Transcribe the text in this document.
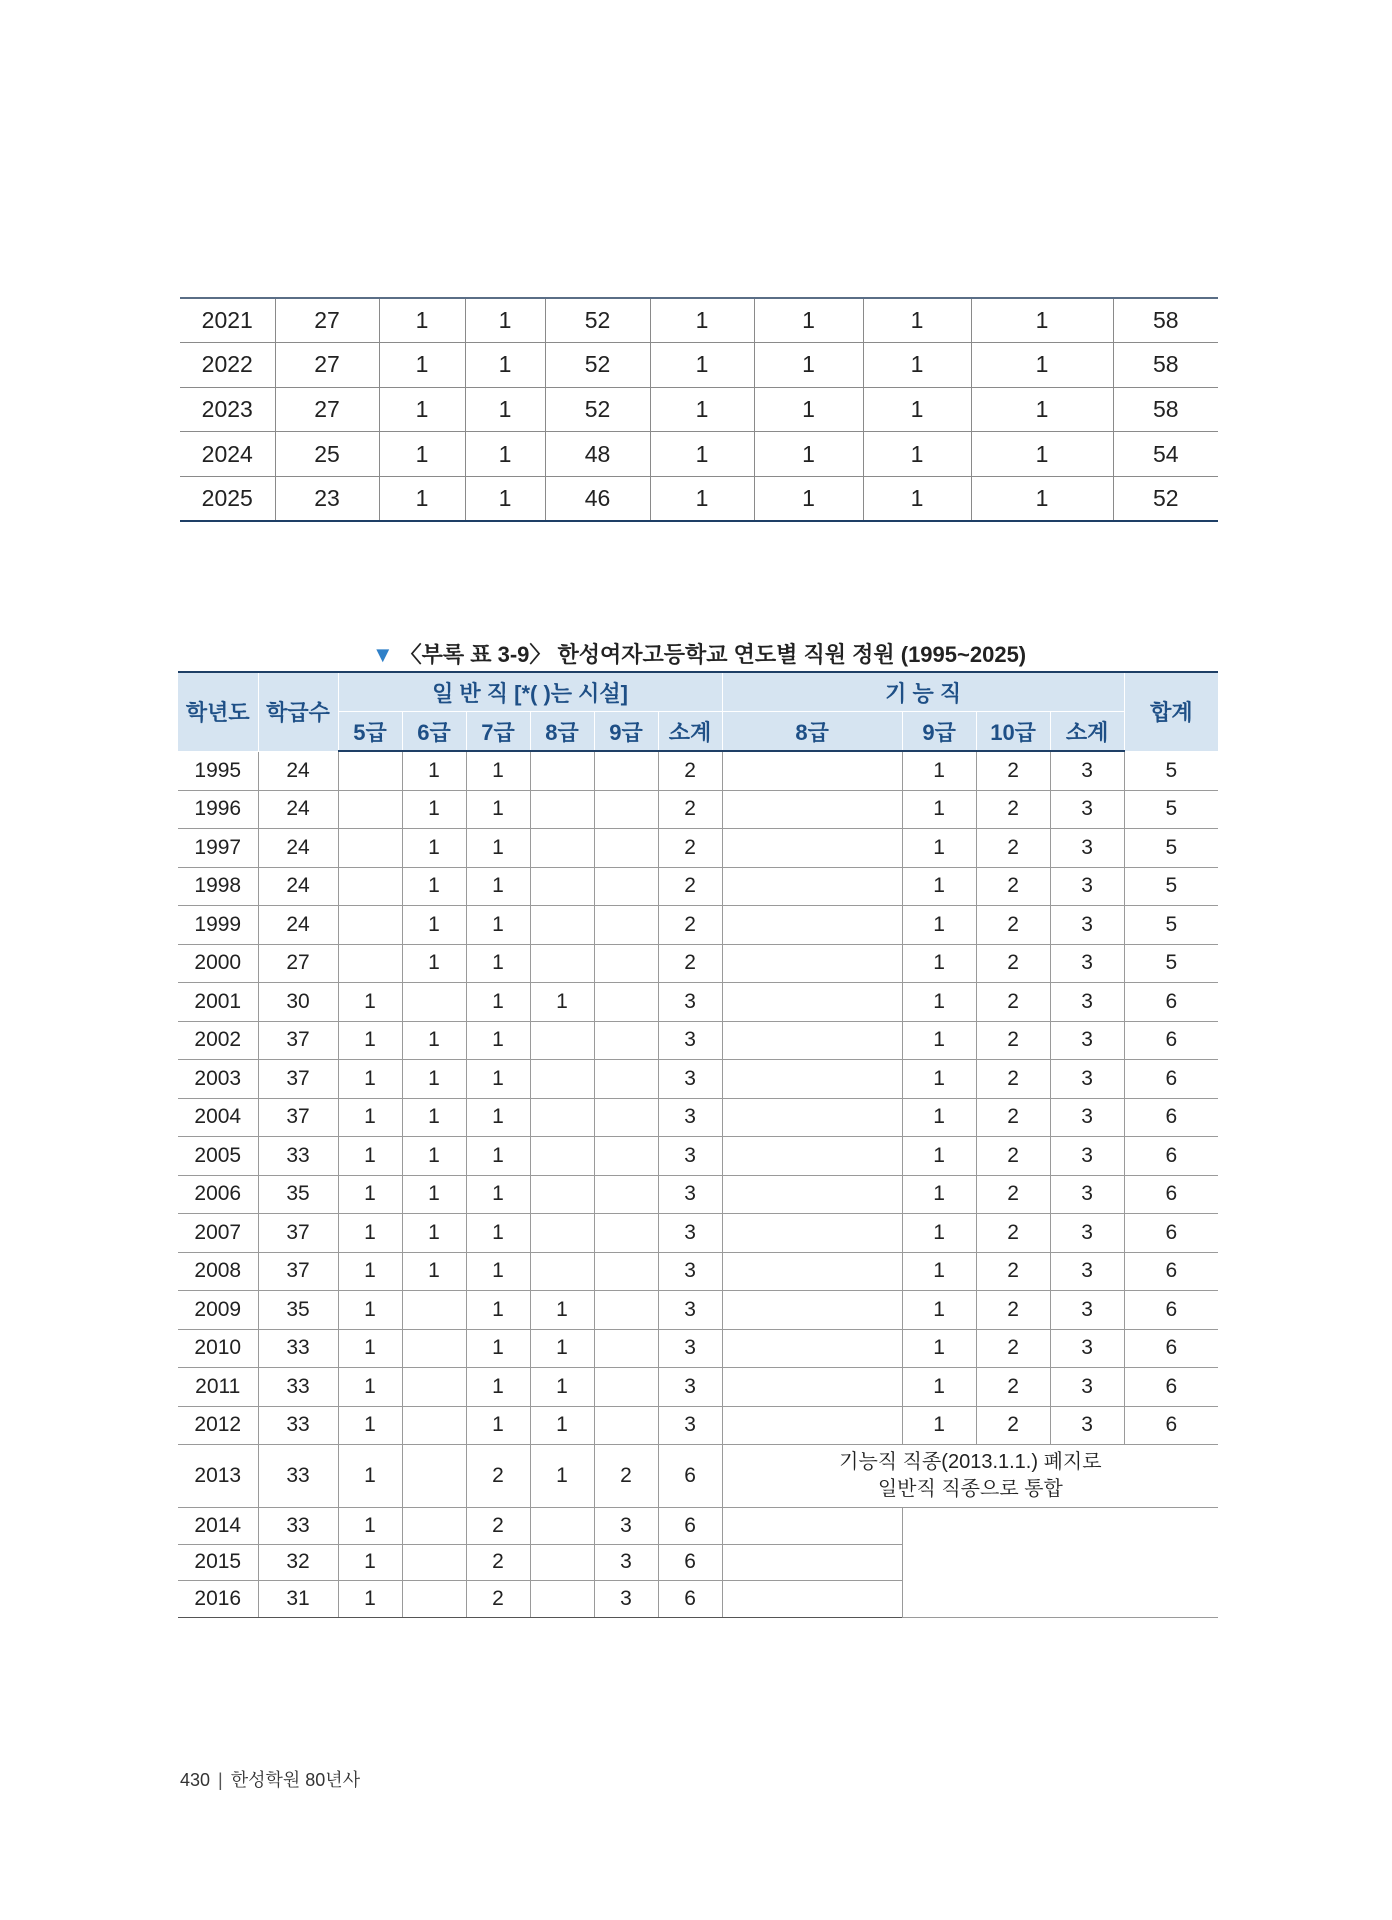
2021	27	1	1	52	1	1	1	1	58
2022	27	1	1	52	1	1	1	1	58
2023	27	1	1	52	1	1	1	1	58
2024	25	1	1	48	1	1	1	1	54
2025	23	1	1	46	1	1	1	1	52
▼ 〈부록 표 3-9〉 한성여자고등학교 연도별 직원 정원 (1995~2025)
학년도	학급수	일 반 직 [*( )는 시설]						기 능 직				합계
		5급	6급	7급	8급	9급	소계	8급	9급	10급	소계	
1995	24		1	1			2		1	2	3	5
1996	24		1	1			2		1	2	3	5
1997	24		1	1			2		1	2	3	5
1998	24		1	1			2		1	2	3	5
1999	24		1	1			2		1	2	3	5
2000	27		1	1			2		1	2	3	5
2001	30	1		1	1		3		1	2	3	6
2002	37	1	1	1			3		1	2	3	6
2003	37	1	1	1			3		1	2	3	6
2004	37	1	1	1			3		1	2	3	6
2005	33	1	1	1			3		1	2	3	6
2006	35	1	1	1			3		1	2	3	6
2007	37	1	1	1			3		1	2	3	6
2008	37	1	1	1			3		1	2	3	6
2009	35	1		1	1		3		1	2	3	6
2010	33	1		1	1		3		1	2	3	6
2011	33	1		1	1		3		1	2	3	6
2012	33	1		1	1		3		1	2	3	6
2013	33	1		2	1	2	6	기능직 직종(2013.1.1.) 폐지로
일반직 직종으로 통합				

2014	33	1		2		3	6					
2015	32	1		2		3	6					
2016	31	1		2		3	6					
430 | 한성학원 80년사
